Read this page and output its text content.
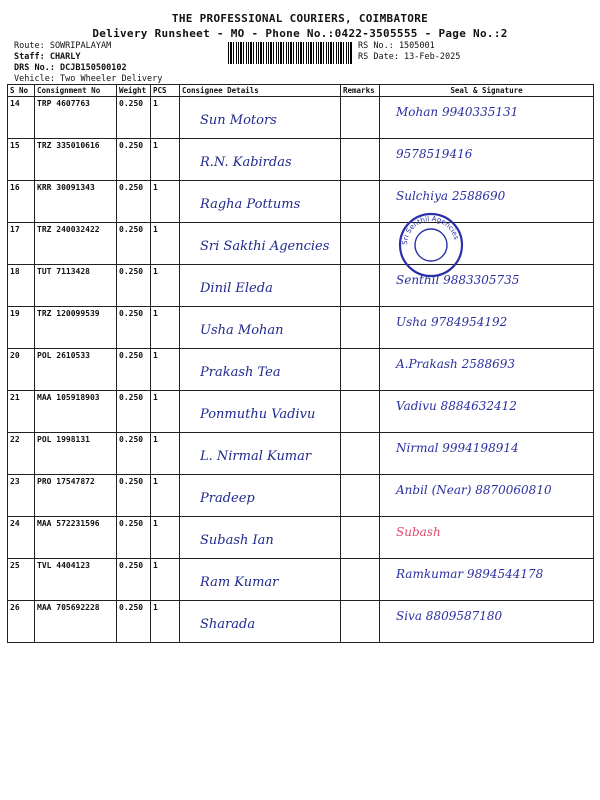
THE PROFESSIONAL COURIERS, COIMBATORE
Delivery Runsheet - MO - Phone No.:0422-3505555 - Page No.:2
Route: SOWRIPALAYAM
Staff: CHARLY
DRS No.: DCJB150500102
Vehicle: Two Wheeler Delivery
RS No.: 1505001
RS Date: 13-Feb-2025
S No	Consignment No	Weight	PCS	Consignee Details	Remarks	Seal & Signature
14	TRP 4607763	0.250	1	Sun Motors		Mohan 9940335131

15	TRZ 335010616	0.250	1	R.N. Kabirdas		9578519416

16	KRR 30091343	0.250	1	Ragha Pottums		Sulchiya 2588690

17	TRZ 240032422	0.250	1	Sri Sakthi Agencies		

18	TUT 7113428	0.250	1	Dinil Eleda		Senthil 9883305735

19	TRZ 120099539	0.250	1	Usha Mohan		Usha 9784954192

20	POL 2610533	0.250	1	Prakash Tea		A.Prakash 2588693

21	MAA 105918903	0.250	1	Ponmuthu Vadivu		Vadivu 8884632412

22	POL 1998131	0.250	1	L. Nirmal Kumar		Nirmal 9994198914

23	PRO 17547872	0.250	1	Pradeep		Anbil (Near) 8870060810

24	MAA 572231596	0.250	1	Subash Ian		Subash

25	TVL 4404123	0.250	1	Ram Kumar		Ramkumar 9894544178

26	MAA 705692228	0.250	1	Sharada		Siva 8809587180
Sri Senthil Agencies
